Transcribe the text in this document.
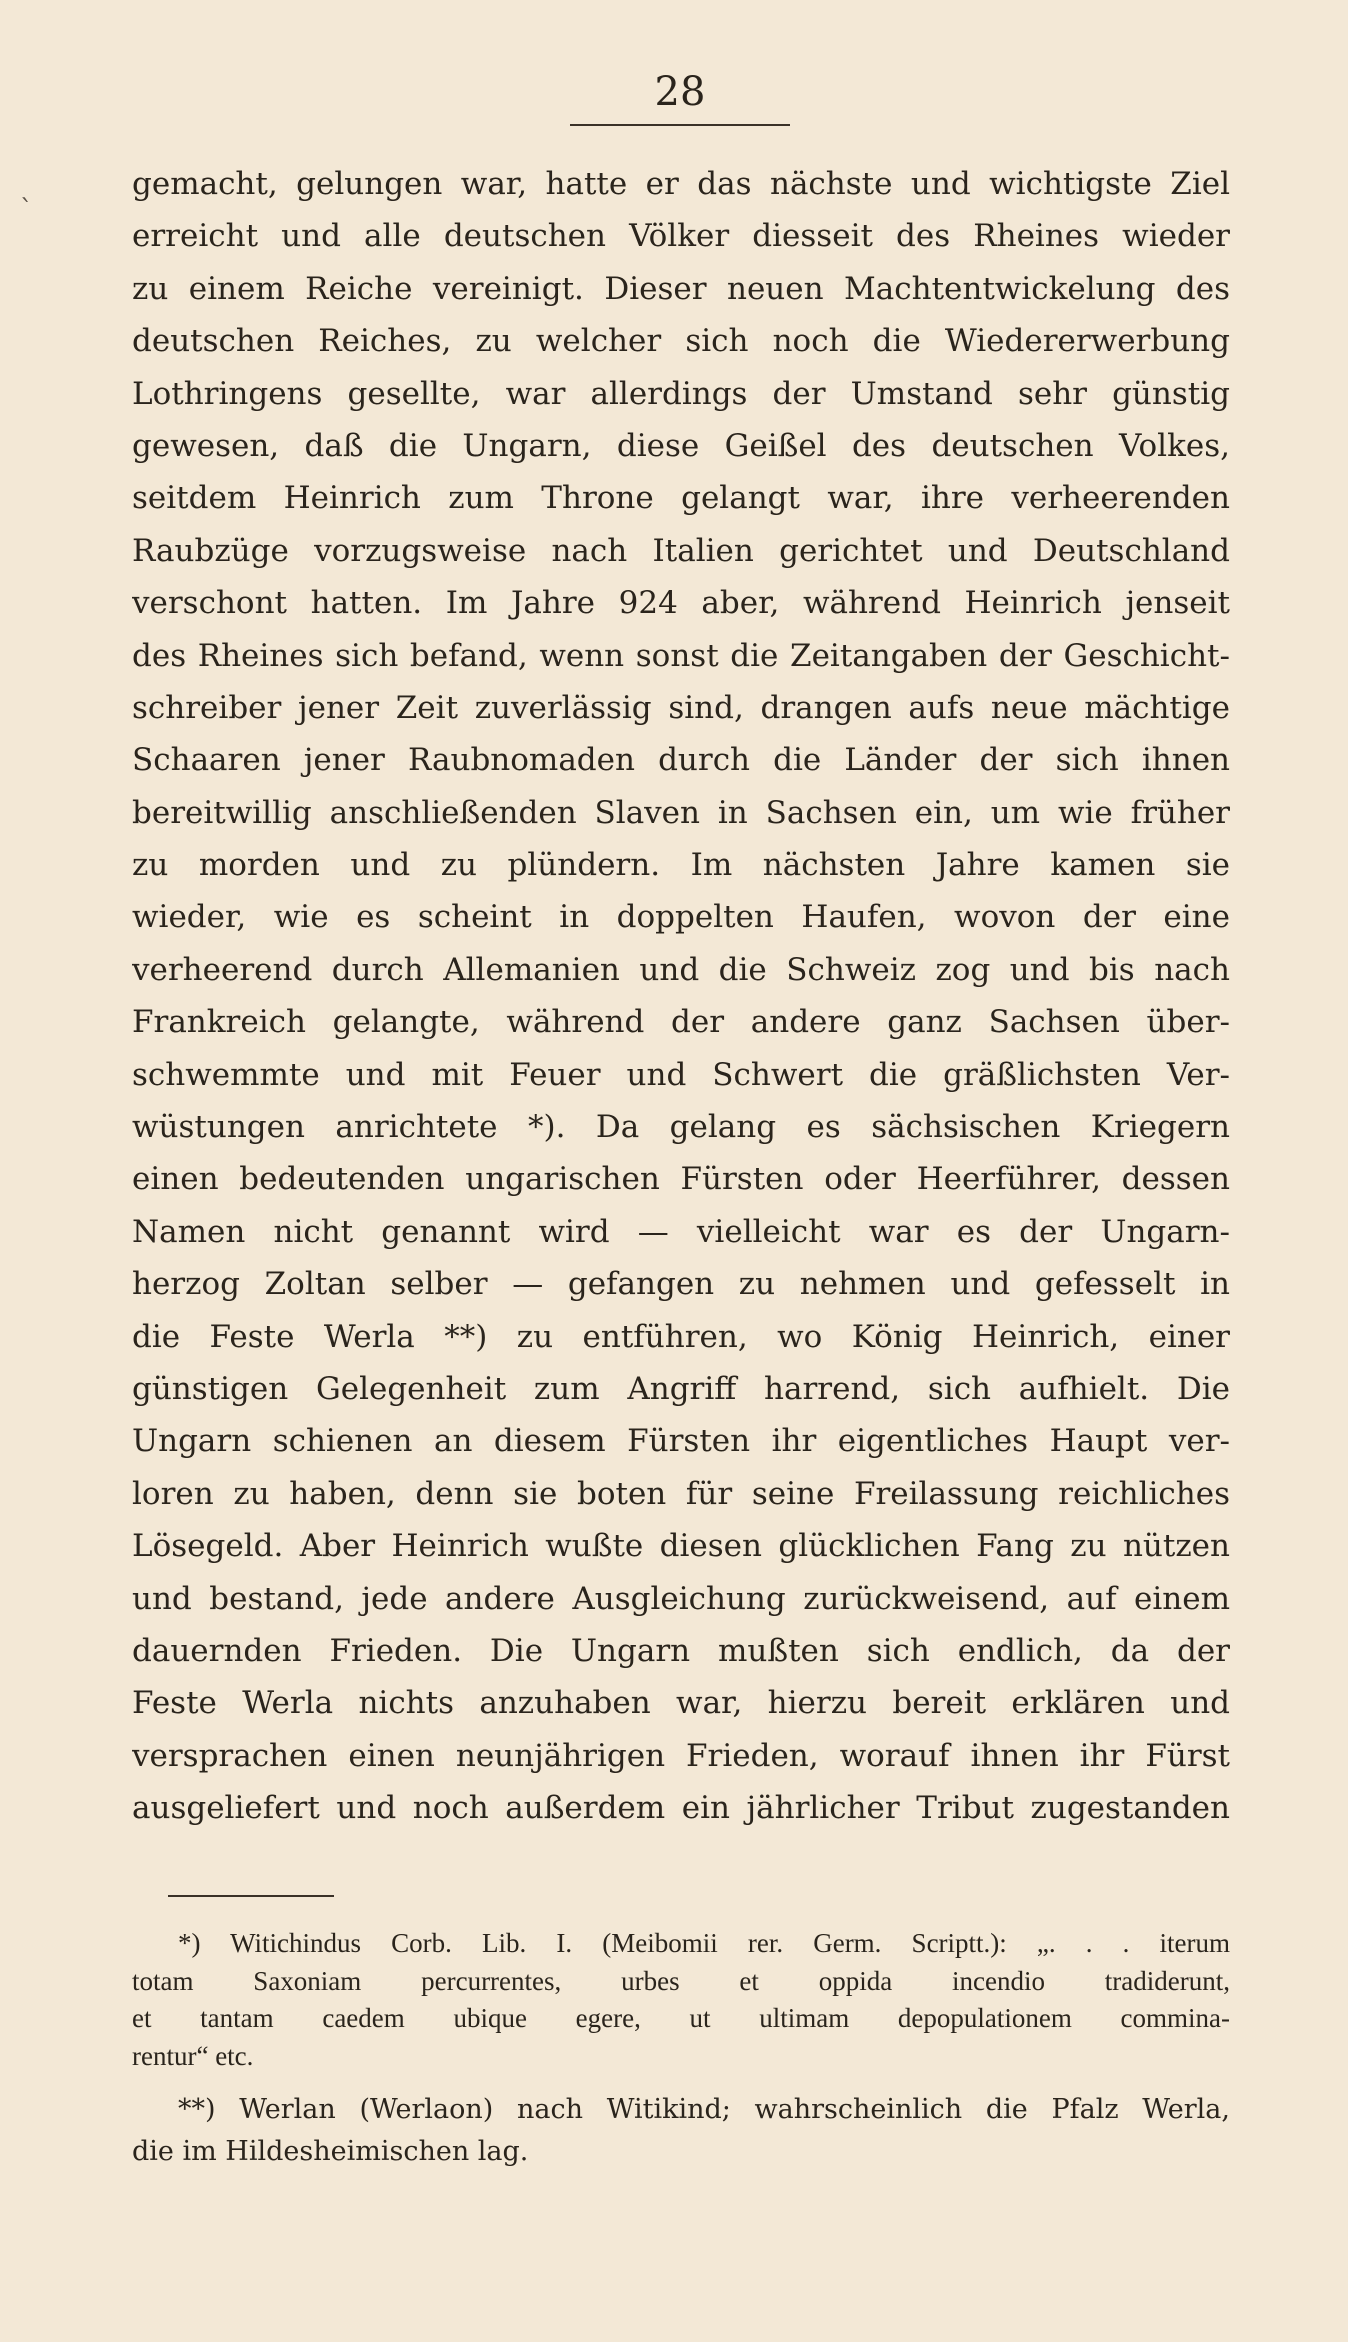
28
`
gemacht, gelungen war, hatte er das nächste und wichtigste Ziel
erreicht und alle deutschen Völker diesseit des Rheines wieder
zu einem Reiche vereinigt. Dieser neuen Machtentwickelung des
deutschen Reiches, zu welcher sich noch die Wiedererwerbung
Lothringens gesellte, war allerdings der Umstand sehr günstig
gewesen, daß die Ungarn, diese Geißel des deutschen Volkes,
seitdem Heinrich zum Throne gelangt war, ihre verheerenden
Raubzüge vorzugsweise nach Italien gerichtet und Deutschland
verschont hatten. Im Jahre 924 aber, während Heinrich jenseit
des Rheines sich befand, wenn sonst die Zeitangaben der Geschicht-
schreiber jener Zeit zuverlässig sind, drangen aufs neue mächtige
Schaaren jener Raubnomaden durch die Länder der sich ihnen
bereitwillig anschließenden Slaven in Sachsen ein, um wie früher
zu morden und zu plündern. Im nächsten Jahre kamen sie
wieder, wie es scheint in doppelten Haufen, wovon der eine
verheerend durch Allemanien und die Schweiz zog und bis nach
Frankreich gelangte, während der andere ganz Sachsen über-
schwemmte und mit Feuer und Schwert die gräßlichsten Ver-
wüstungen anrichtete *). Da gelang es sächsischen Kriegern
einen bedeutenden ungarischen Fürsten oder Heerführer, dessen
Namen nicht genannt wird — vielleicht war es der Ungarn-
herzog Zoltan selber — gefangen zu nehmen und gefesselt in
die Feste Werla **) zu entführen, wo König Heinrich, einer
günstigen Gelegenheit zum Angriff harrend, sich aufhielt. Die
Ungarn schienen an diesem Fürsten ihr eigentliches Haupt ver-
loren zu haben, denn sie boten für seine Freilassung reichliches
Lösegeld. Aber Heinrich wußte diesen glücklichen Fang zu nützen
und bestand, jede andere Ausgleichung zurückweisend, auf einem
dauernden Frieden. Die Ungarn mußten sich endlich, da der
Feste Werla nichts anzuhaben war, hierzu bereit erklären und
versprachen einen neunjährigen Frieden, worauf ihnen ihr Fürst
ausgeliefert und noch außerdem ein jährlicher Tribut zugestanden
*) Witichindus Corb. Lib. I. (Meibomii rer. Germ. Scriptt.): „. . . iterum
totam Saxoniam percurrentes, urbes et oppida incendio tradiderunt,
et tantam caedem ubique egere, ut ultimam depopulationem commina-
rentur“ etc.
**) Werlan (Werlaon) nach Witikind; wahrscheinlich die Pfalz Werla,
die im Hildesheimischen lag.
